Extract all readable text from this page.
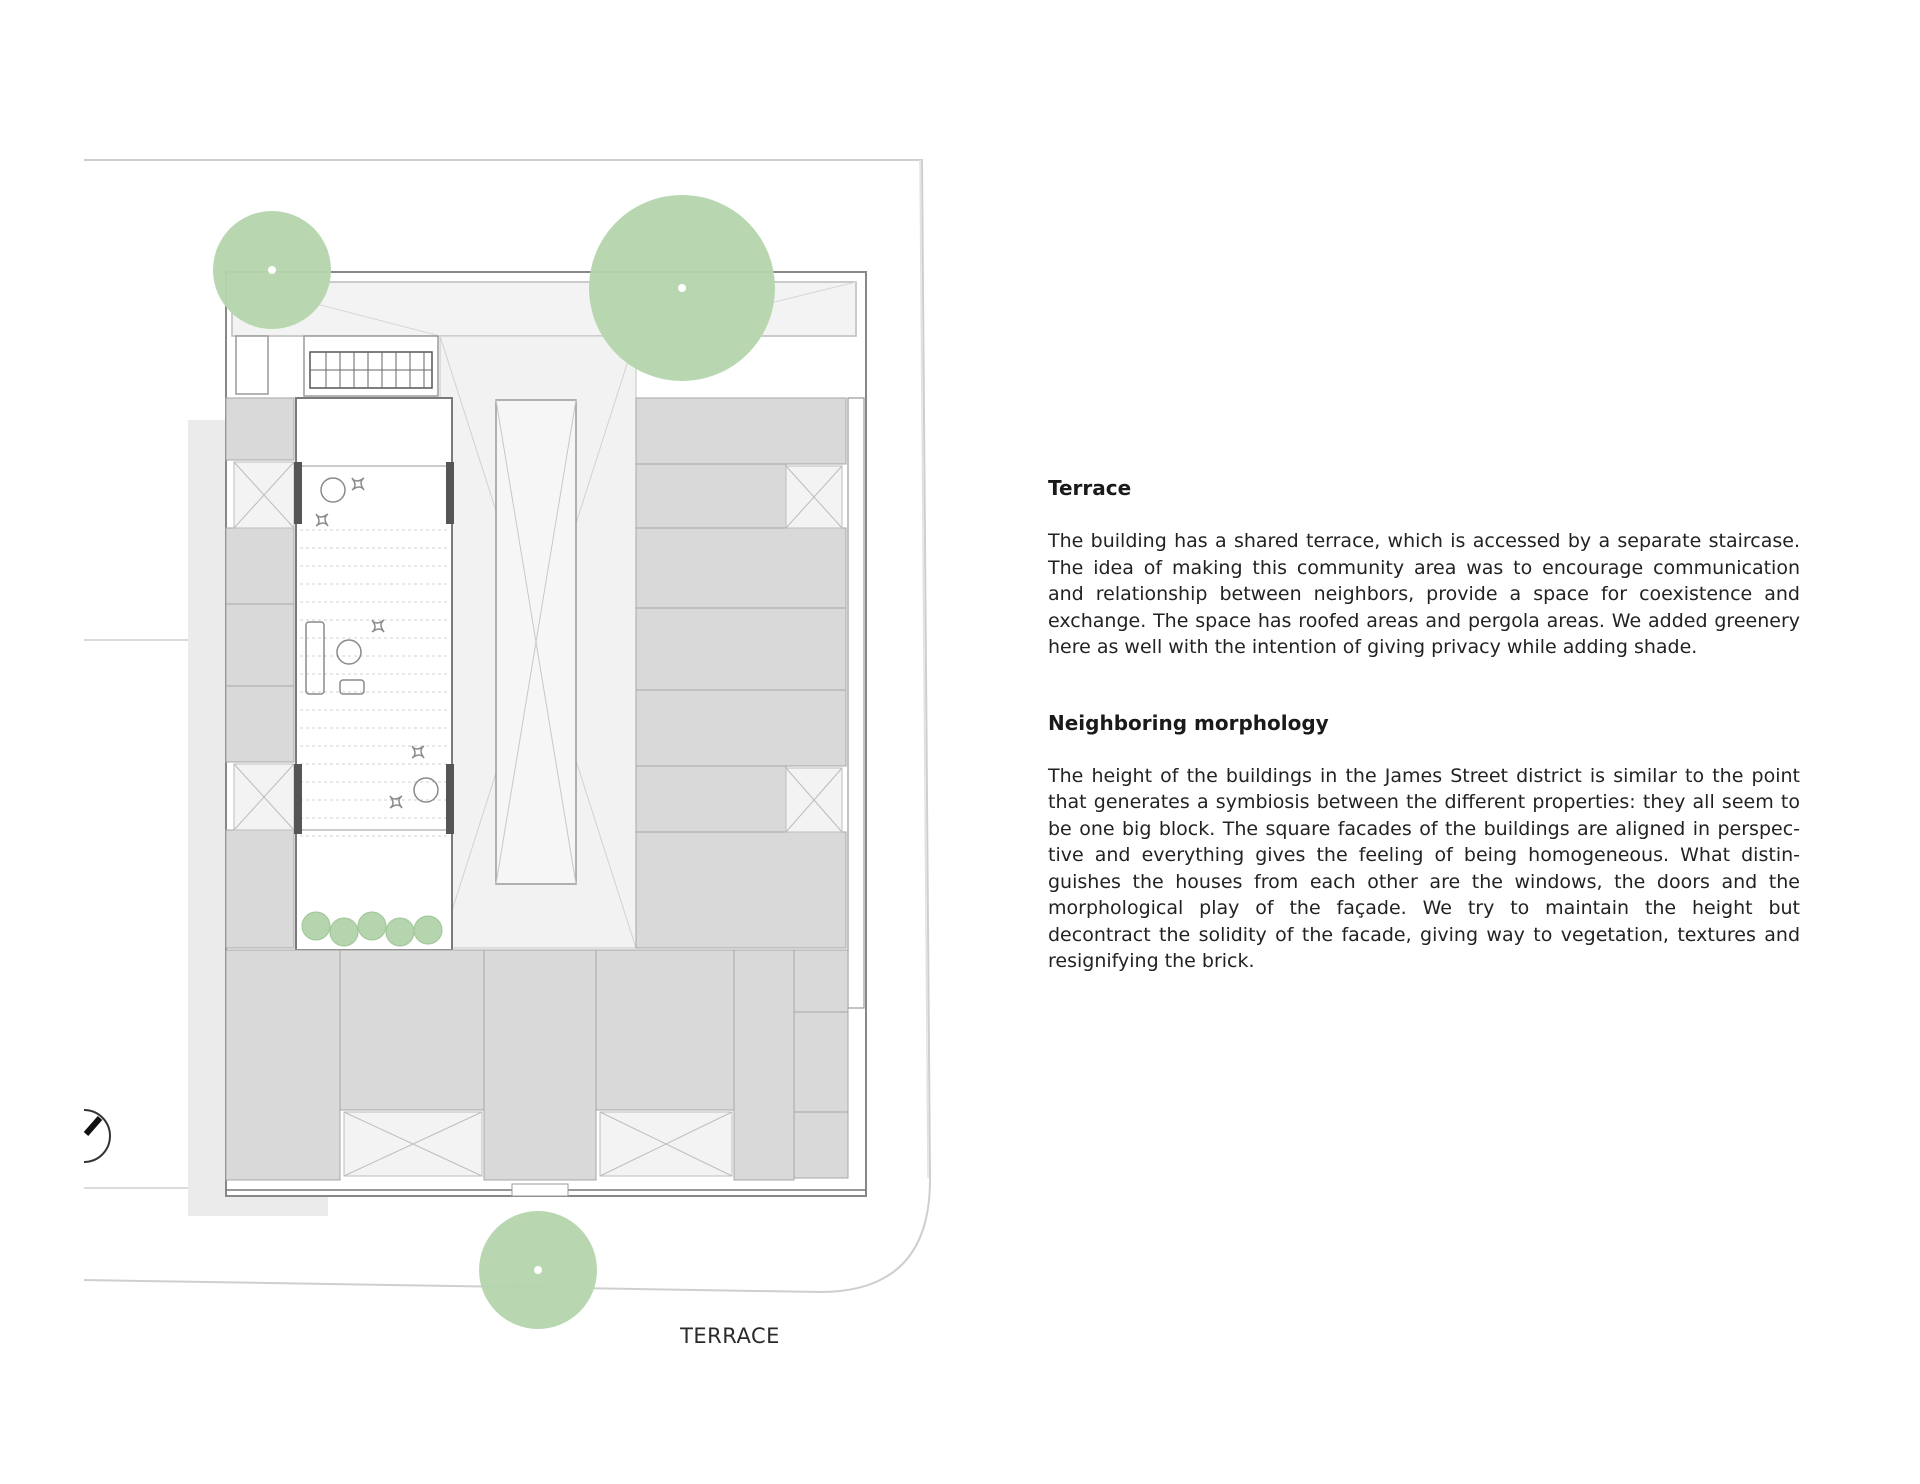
TERRACE

Terrace

The building has a shared terrace, which is accessed by a separate staircase. The idea of making this community area was to encourage communication and relationship between neighbors, provide a space for coexistence and exchange. The space has roofed areas and pergola areas. We added greenery here as well with the intention of giving privacy while adding shade.

Neighboring morphology

The height of the buildings in the James Street district is similar to the point that generates a symbiosis between the different properties: they all seem to be one big block. The square facades of the buildings are aligned in perspec-tive and everything gives the feeling of being homogeneous. What distin-guishes the houses from each other are the windows, the doors and the morphological play of the façade. We try to maintain the height but decontract the solidity of the facade, giving way to vegetation, textures and resignifying the brick.
